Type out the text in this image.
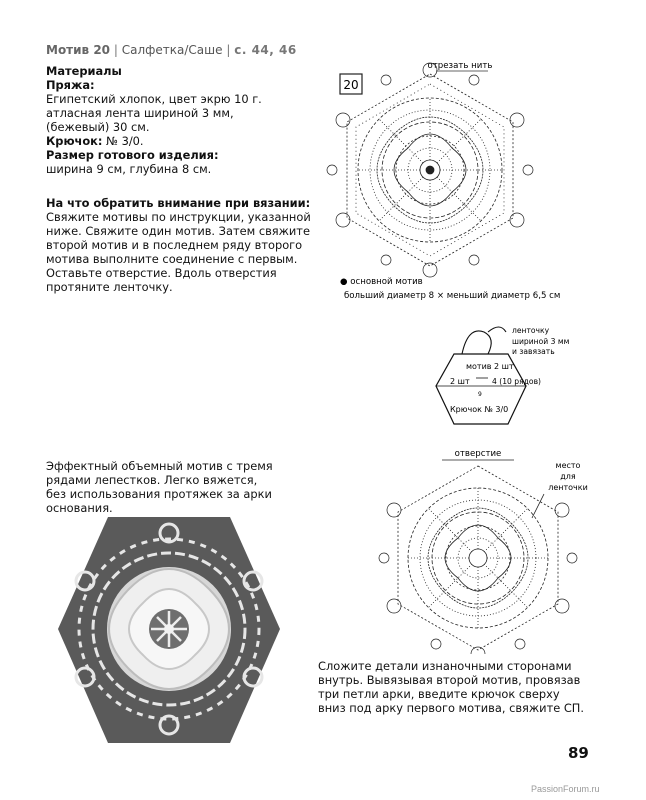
Мотив 20 | Салфетка/Саше | с. 44, 46

Материалы

Пряжа:

Египетский хлопок, цвет экрю 10 г.

атласная лента шириной 3 мм,

(бежевый) 30 см.

Крючок: № 3/0.

Размер готового изделия:

ширина 9 см, глубина 8 см.

На что обратить внимание при вязании:

Свяжите мотивы по инструкции, указанной

ниже. Свяжите один мотив. Затем свяжите

второй мотив и в последнем ряду второго

мотива выполните соединение с первым.

Оставьте отверстие. Вдоль отверстия

протяните ленточку.

20
отрезать нить
● основной мотив
больший диаметр 8 × меньший диаметр 6,5 см
ленточку
шириной 3 мм
и завязать
мотив 2 шт
2 шт	4 (10 рядов)
9
Крючок № 3/0

Эффектный объемный мотив с тремя

рядами лепестков. Легко вяжется,

без использования протяжек за арки

основания.

отверстие
место
для
ленточки

Сложите детали изнаночными сторонами

внутрь. Вывязывая второй мотив, провязав

три петли арки, введите крючок сверху

вниз под арку первого мотива, свяжите СП.

89
PassionForum.ru
